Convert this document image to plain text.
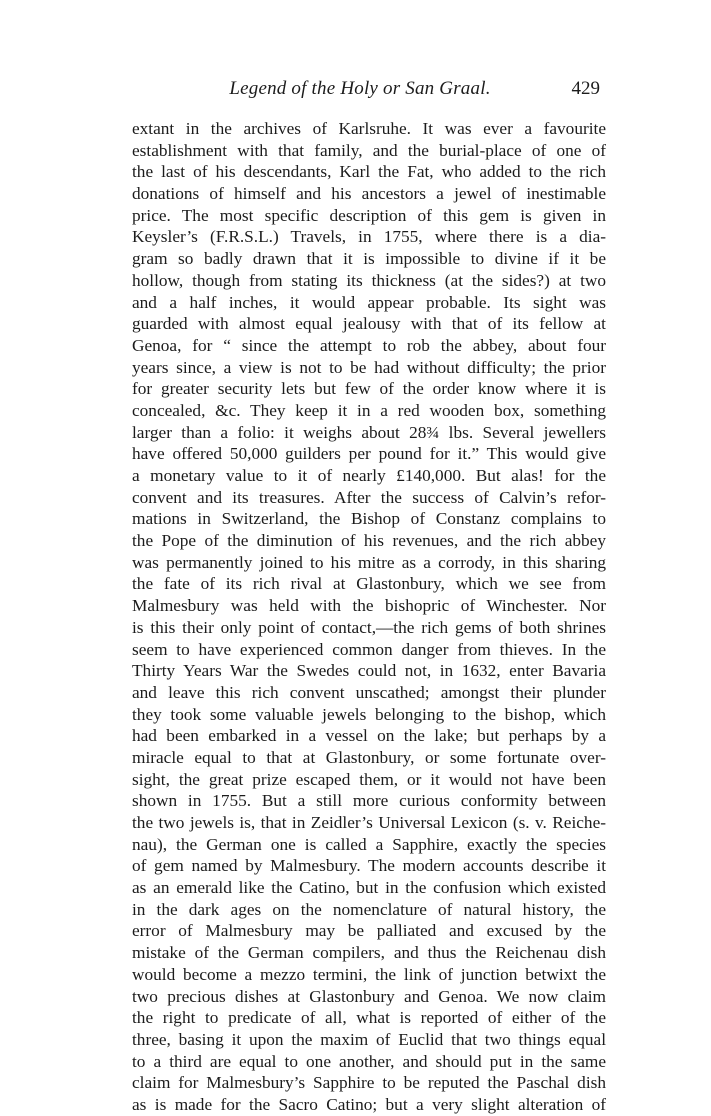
Legend of the Holy or San Graal.	429
extant in the archives of Karlsruhe. It was ever a favourite
establishment with that family, and the burial-place of one of
the last of his descendants, Karl the Fat, who added to the rich
donations of himself and his ancestors a jewel of inestimable
price. The most specific description of this gem is given in
Keysler’s (F.R.S.L.) Travels, in 1755, where there is a dia-
gram so badly drawn that it is impossible to divine if it be
hollow, though from stating its thickness (at the sides?) at two
and a half inches, it would appear probable. Its sight was
guarded with almost equal jealousy with that of its fellow at
Genoa, for “ since the attempt to rob the abbey, about four
years since, a view is not to be had without difficulty; the prior
for greater security lets but few of the order know where it is
concealed, &c. They keep it in a red wooden box, something
larger than a folio: it weighs about 28¾ lbs. Several jewellers
have offered 50,000 guilders per pound for it.” This would give
a monetary value to it of nearly £140,000. But alas! for the
convent and its treasures. After the success of Calvin’s refor-
mations in Switzerland, the Bishop of Constanz complains to
the Pope of the diminution of his revenues, and the rich abbey
was permanently joined to his mitre as a corrody, in this sharing
the fate of its rich rival at Glastonbury, which we see from
Malmesbury was held with the bishopric of Winchester. Nor
is this their only point of contact,—the rich gems of both shrines
seem to have experienced common danger from thieves. In the
Thirty Years War the Swedes could not, in 1632, enter Bavaria
and leave this rich convent unscathed; amongst their plunder
they took some valuable jewels belonging to the bishop, which
had been embarked in a vessel on the lake; but perhaps by a
miracle equal to that at Glastonbury, or some fortunate over-
sight, the great prize escaped them, or it would not have been
shown in 1755. But a still more curious conformity between
the two jewels is, that in Zeidler’s Universal Lexicon (s. v. Reiche-
nau), the German one is called a Sapphire, exactly the species
of gem named by Malmesbury. The modern accounts describe it
as an emerald like the Catino, but in the confusion which existed
in the dark ages on the nomenclature of natural history, the
error of Malmesbury may be palliated and excused by the
mistake of the German compilers, and thus the Reichenau dish
would become a mezzo termini, the link of junction betwixt the
two precious dishes at Glastonbury and Genoa. We now claim
the right to predicate of all, what is reported of either of the
three, basing it upon the maxim of Euclid that two things equal
to a third are equal to one another, and should put in the same
claim for Malmesbury’s Sapphire to be reputed the Paschal dish
as is made for the Sacro Catino; but a very slight alteration of
